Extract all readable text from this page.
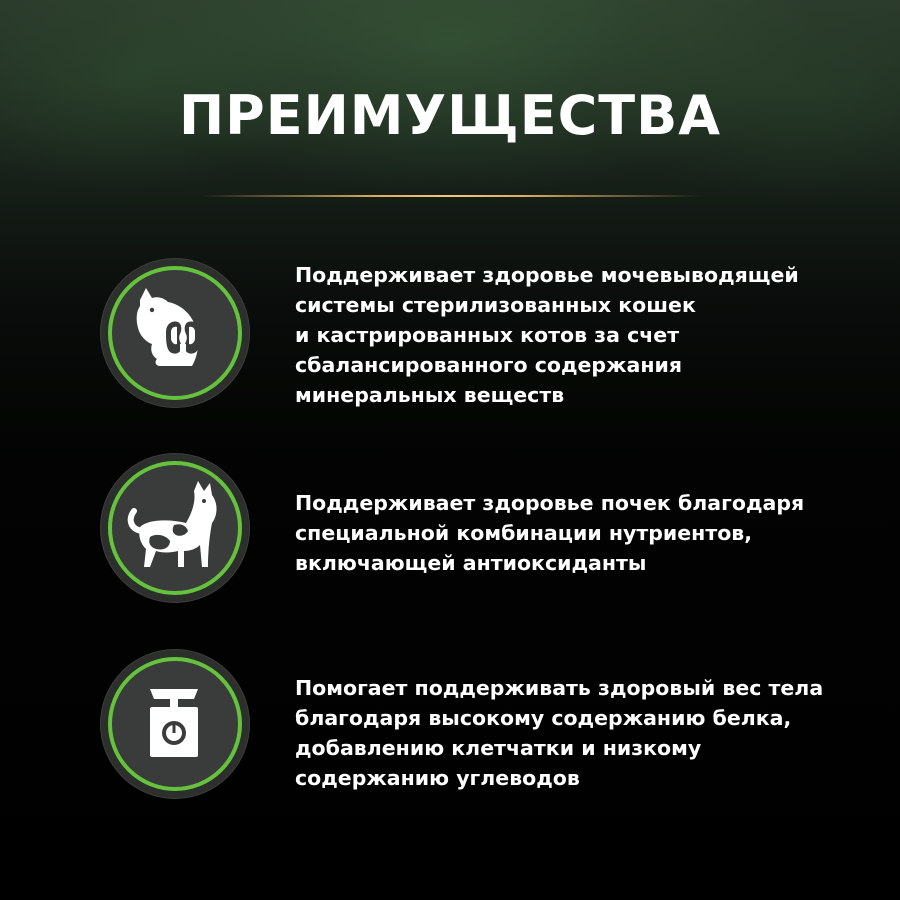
ПРЕИМУЩЕСТВА
Поддерживает здоровье мочевыводящей
системы стерилизованных кошек
и кастрированных котов за счет
сбалансированного содержания
минеральных веществ
Поддерживает здоровье почек благодаря
специальной комбинации нутриентов,
включающей антиоксиданты
Помогает поддерживать здоровый вес тела
благодаря высокому содержанию белка,
добавлению клетчатки и низкому
содержанию углеводов
